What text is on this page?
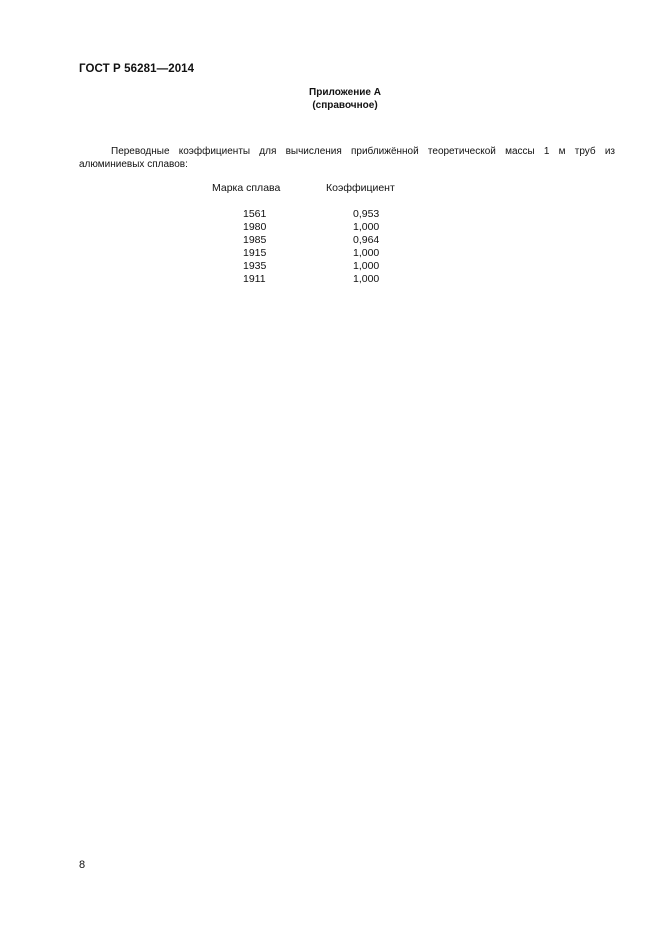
ГОСТ Р 56281—2014
Приложение А
(справочное)
Переводные коэффициенты для вычисления приближённой теоретической массы 1 м труб из алюминиевых сплавов:
Марка сплава	Коэффициент
1561	0,953
1980	1,000
1985	0,964
1915	1,000
1935	1,000
1911	1,000
8
